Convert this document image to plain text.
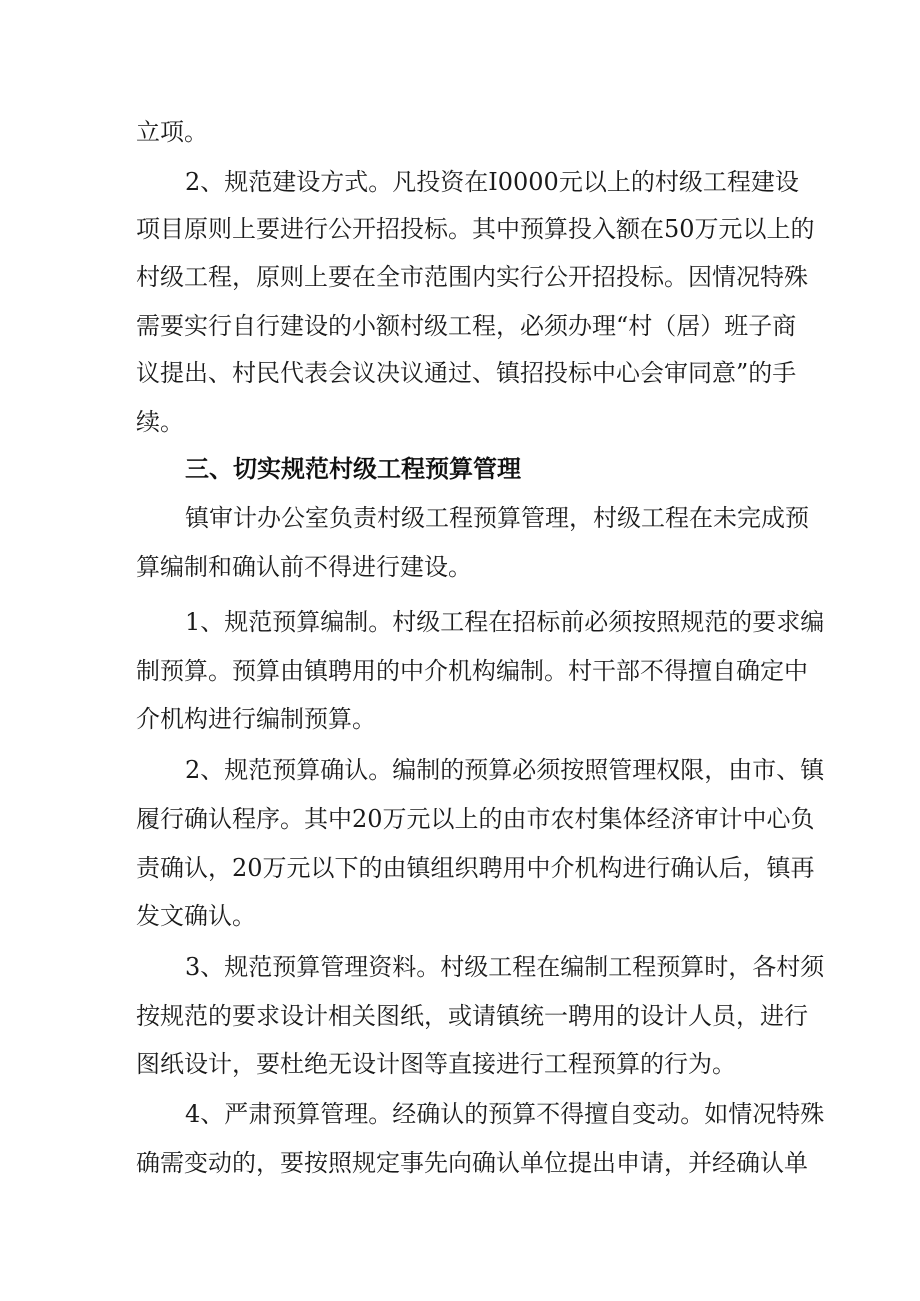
立项。
2、规范建设方式。凡投资在I0000元以上的村级工程建设
项目原则上要进行公开招投标。其中预算投入额在50万元以上的
村级工程，原则上要在全市范围内实行公开招投标。因情况特殊
需要实行自行建设的小额村级工程，必须办理“村（居）班子商
议提出、村民代表会议决议通过、镇招投标中心会审同意”的手
续。
三、切实规范村级工程预算管理
镇审计办公室负责村级工程预算管理，村级工程在未完成预
算编制和确认前不得进行建设。
1、规范预算编制。村级工程在招标前必须按照规范的要求编
制预算。预算由镇聘用的中介机构编制。村干部不得擅自确定中
介机构进行编制预算。
2、规范预算确认。编制的预算必须按照管理权限，由市、镇
履行确认程序。其中20万元以上的由市农村集体经济审计中心负
责确认，20万元以下的由镇组织聘用中介机构进行确认后，镇再
发文确认。
3、规范预算管理资料。村级工程在编制工程预算时，各村须
按规范的要求设计相关图纸，或请镇统一聘用的设计人员，进行
图纸设计，要杜绝无设计图等直接进行工程预算的行为。
4、严肃预算管理。经确认的预算不得擅自变动。如情况特殊
确需变动的，要按照规定事先向确认单位提出申请，并经确认单
